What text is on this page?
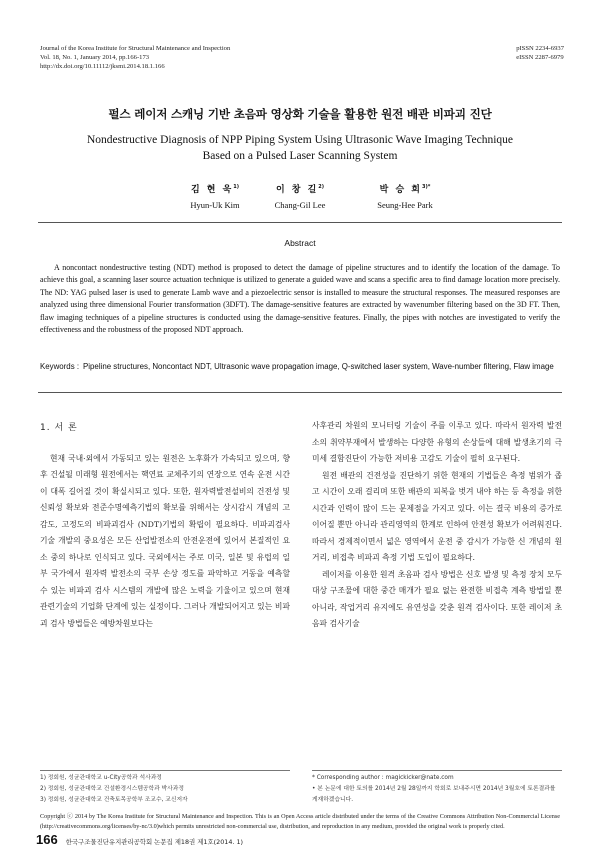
Journal of the Korea Institute for Structural Maintenance and Inspection
Vol. 18, No. 1, January 2014, pp.166-173
http://dx.doi.org/10.11112/jksmi.2014.18.1.166
pISSN 2234-6937
eISSN 2287-6979
펄스 레이저 스캐닝 기반 초음파 영상화 기술을 활용한 원전 배관 비파괴 진단
Nondestructive Diagnosis of NPP Piping System Using Ultrasonic Wave Imaging Technique
Based on a Pulsed Laser Scanning System
김 현 욱$^{1)}$
Hyun-Uk Kim
이 창 길$^{2)}$
Chang-Gil Lee
박 승 희$^{3)*}$
Seung-Hee Park
Abstract
A noncontact nondestructive testing (NDT) method is proposed to detect the damage of pipeline structures and to identify the location of the damage. To achieve this goal, a scanning laser source actuation technique is utilized to generate a guided wave and scans a specific area to find damage location more precisely. The ND: YAG pulsed laser is used to generate Lamb wave and a piezoelectric sensor is installed to measure the structural responses. The measured responses are analyzed using three dimensional Fourier transformation (3DFT). The damage-sensitive features are extracted by wavenumber filtering based on the 3D FT. Then, flaw imaging techniques of a pipeline structures is conducted using the damage-sensitive features. Finally, the pipes with notches are investigated to verify the effectiveness and the robustness of the proposed NDT approach.
Keywords : Pipeline structures, Noncontact NDT, Ultrasonic wave propagation image, Q-switched laser system, Wave-number filtering, Flaw image
1. 서 론

현재 국내·외에서 가동되고 있는 원전은 노후화가 가속되고 있으며, 향후 건설될 미래형 원전에서는 핵연료 교체주기의 연장으로 연속 운전 시간이 대폭 길어질 것이 확실시되고 있다. 또한, 원자력발전설비의 건전성 및 신뢰성 확보와 전준수명예측기법의 확보를 위해서는 상시감시 개념의 고감도, 고정도의 비파괴검사 (NDT)기법의 확립이 필요하다. 비파괴검사 기술 개발의 중요성은 모든 산업발전소의 안전운전에 있어서 본질적인 요소 중의 하나로 인식되고 있다. 국외에서는 주로 미국, 일본 및 유럽의 일부 국가에서 원자력 발전소의 국부 손상 정도를 파악하고 거동을 예측할 수 있는 비파괴 검사 시스템의 개발에 많은 노력을 기울이고 있으며 현재 관련기술의 기업화 단계에 있는 실정이다. 그러나 개발되어지고 있는 비파괴 검사 방법들은 예방차원보다는

사후관리 차원의 모니터링 기술이 주를 이루고 있다. 따라서 원자력 발전소의 취약부재에서 발생하는 다양한 유형의 손상들에 대해 발생초기의 극미세 결함진단이 가능한 저비용 고감도 기술이 필히 요구된다.

원전 배관의 건전성을 진단하기 위한 현재의 기법들은 측정 범위가 좁고 시간이 오래 걸리며 또한 배관의 피복을 벗겨 내야 하는 등 측정을 위한 시간과 인력이 많이 드는 문제점을 가지고 있다. 이는 결국 비용의 증가로 이어질 뿐만 아니라 관리영역의 한계로 인하여 안전성 확보가 어려워진다. 따라서 경제적이면서 넓은 영역에서 운전 중 감시가 가능한 신 개념의 원거리, 비접촉 비파괴 측정 기법 도입이 필요하다.

레이저를 이용한 원격 초음파 검사 방법은 신호 발생 및 측정 장치 모두 대상 구조물에 대한 중간 매개가 필요 없는 완전한 비접촉 계측 방법일 뿐 아니라, 작업거리 유지에도 유연성을 갖춘 원격 검사이다. 또한 레이저 초음파 검사기술

1) 정회원, 성균관대학교 u-City공학과 석사과정
2) 정회원, 성균관대학교 건설환경시스템공학과 박사과정
3) 정회원, 성균관대학교 건축토목공학부 조교수, 교신저자
* Corresponding author : magickicker@nate.com
• 본 논문에 대한 토의를 2014년 2월 28일까지 학회로 보내주시면 2014년 3월호에 토론결과를 게재하겠습니다.
Copyright ⓒ 2014 by The Korea Institute for Structural Maintenance and Inspection. This is an Open Access article distributed under the terms of the Creative Commons Attribution Non-Commercial License (http://creativecommons.org/licenses/by-nc/3.0)which permits unrestricted non-commercial use, distribution, and reproduction in any medium, provided the original work is properly cited.
166 한국구조물진단유지관리공학회 논문집 제18권 제1호(2014. 1)
